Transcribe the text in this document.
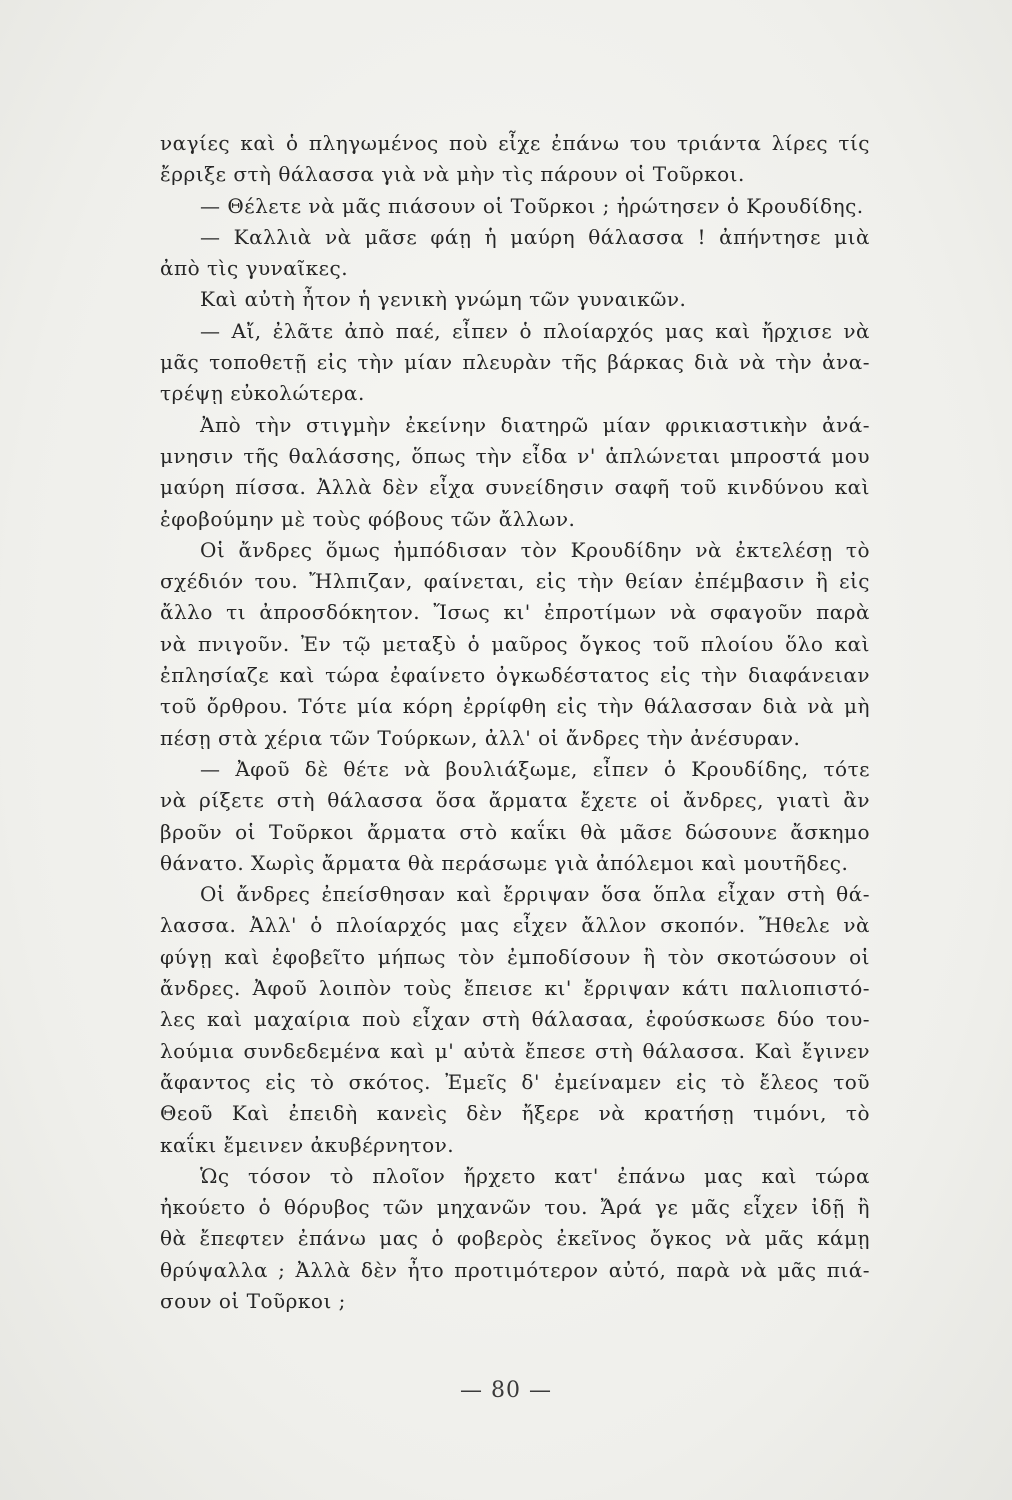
ναγίες καὶ ὁ πληγωμένος ποὺ εἶχε ἐπάνω του τριάντα λίρες τίς
ἔρριξε στὴ θάλασσα γιὰ νὰ μὴν τὶς πάρουν οἱ Τοῦρκοι.
— Θέλετε νὰ μᾶς πιάσουν οἱ Τοῦρκοι ; ἠρώτησεν ὁ Κρουδίδης.
— Καλλιὰ νὰ μᾶσε φάῃ ἡ μαύρη θάλασσα ! ἀπήντησε μιὰ
ἀπὸ τὶς γυναῖκες.
Καὶ αὐτὴ ἦτον ἡ γενικὴ γνώμη τῶν γυναικῶν.
— Αἴ, ἐλᾶτε ἀπὸ παέ, εἶπεν ὁ πλοίαρχός μας καὶ ἤρχισε νὰ
μᾶς τοποθετῇ εἰς τὴν μίαν πλευρὰν τῆς βάρκας διὰ νὰ τὴν ἀνα-
τρέψῃ εὐκολώτερα.
Ἀπὸ τὴν στιγμὴν ἐκείνην διατηρῶ μίαν φρικιαστικὴν ἀνά-
μνησιν τῆς θαλάσσης, ὅπως τὴν εἶδα ν' ἁπλώνεται μπροστά μου
μαύρη πίσσα. Ἀλλὰ δὲν εἶχα συνείδησιν σαφῆ τοῦ κινδύνου καὶ
ἐφοβούμην μὲ τοὺς φόβους τῶν ἄλλων.
Οἱ ἄνδρες ὅμως ἠμπόδισαν τὸν Κρουδίδην νὰ ἐκτελέσῃ τὸ
σχέδιόν του. Ἤλπιζαν, φαίνεται, εἰς τὴν θείαν ἐπέμβασιν ἢ εἰς
ἄλλο τι ἀπροσδόκητον. Ἴσως κι' ἐπροτίμων νὰ σφαγοῦν παρὰ
νὰ πνιγοῦν. Ἐν τῷ μεταξὺ ὁ μαῦρος ὄγκος τοῦ πλοίου ὅλο καὶ
ἐπλησίαζε καὶ τώρα ἐφαίνετο ὀγκωδέστατος εἰς τὴν διαφάνειαν
τοῦ ὄρθρου. Τότε μία κόρη ἐρρίφθη εἰς τὴν θάλασσαν διὰ νὰ μὴ
πέσῃ στὰ χέρια τῶν Τούρκων, ἀλλ' οἱ ἄνδρες τὴν ἀνέσυραν.
— Ἀφοῦ δὲ θέτε νὰ βουλιάξωμε, εἶπεν ὁ Κρουδίδης, τότε
νὰ ρίξετε στὴ θάλασσα ὅσα ἄρματα ἔχετε οἱ ἄνδρες, γιατὶ ἂν
βροῦν οἱ Τοῦρκοι ἄρματα στὸ καΐκι θὰ μᾶσε δώσουνε ἄσκημο
θάνατο. Χωρὶς ἄρματα θὰ περάσωμε γιὰ ἀπόλεμοι καὶ μουτῆδες.
Οἱ ἄνδρες ἐπείσθησαν καὶ ἔρριψαν ὅσα ὅπλα εἶχαν στὴ θά-
λασσα. Ἀλλ' ὁ πλοίαρχός μας εἶχεν ἄλλον σκοπόν. Ἤθελε νὰ
φύγῃ καὶ ἐφοβεῖτο μήπως τὸν ἐμποδίσουν ἢ τὸν σκοτώσουν οἱ
ἄνδρες. Ἀφοῦ λοιπὸν τοὺς ἔπεισε κι' ἔρριψαν κάτι παλιοπιστό-
λες καὶ μαχαίρια ποὺ εἶχαν στὴ θάλασαα, ἐφούσκωσε δύο του-
λούμια συνδεδεμένα καὶ μ' αὐτὰ ἔπεσε στὴ θάλασσα. Καὶ ἔγινεν
ἄφαντος εἰς τὸ σκότος. Ἐμεῖς δ' ἐμείναμεν εἰς τὸ ἔλεος τοῦ
Θεοῦ Καὶ ἐπειδὴ κανεὶς δὲν ἤξερε νὰ κρατήσῃ τιμόνι, τὸ
καΐκι ἔμεινεν ἀκυβέρνητον.
Ὡς τόσον τὸ πλοῖον ἤρχετο κατ' ἐπάνω μας καὶ τώρα
ἠκούετο ὁ θόρυβος τῶν μηχανῶν του. Ἄρά γε μᾶς εἶχεν ἰδῇ ἢ
θὰ ἔπεφτεν ἐπάνω μας ὁ φοβερὸς ἐκεῖνος ὄγκος νὰ μᾶς κάμῃ
θρύψαλλα ; Ἀλλὰ δὲν ἦτο προτιμότερον αὐτό, παρὰ νὰ μᾶς πιά-
σουν οἱ Τοῦρκοι ;
— 80 —
